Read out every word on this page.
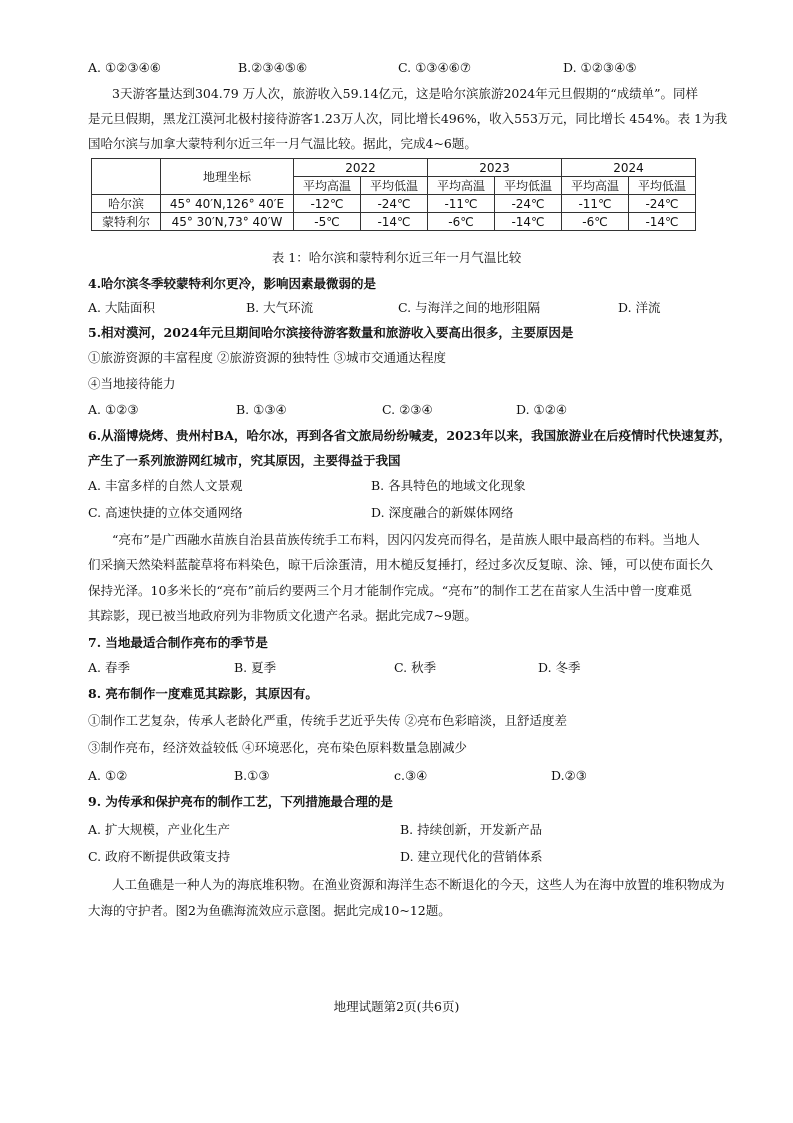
A. ①②③④⑥	B.②③④⑤⑥	C. ①③④⑥⑦	D. ①②③④⑤
3天游客量达到304.79 万人次，旅游收入59.14亿元，这是哈尔滨旅游2024年元旦假期的“成绩单”。同样
是元旦假期，黑龙江漠河北极村接待游客1.23万人次，同比增长496%，收入553万元，同比增长 454%。表 1为我
国哈尔滨与加拿大蒙特利尔近三年一月气温比较。据此，完成4~6题。
	地理坐标	2022		2023		2024	
		平均高温	平均低温	平均高温	平均低温	平均高温	平均低温
哈尔滨	45° 40′N,126° 40′E	-12℃	-24℃	-11℃	-24℃	-11℃	-24℃
蒙特利尔	45° 30′N,73° 40′W	-5℃	-14℃	-6℃	-14℃	-6℃	-14℃
表 1：哈尔滨和蒙特利尔近三年一月气温比较
4.哈尔滨冬季较蒙特利尔更冷，影响因素最微弱的是
A. 大陆面积	B. 大气环流	C. 与海洋之间的地形阻隔	D. 洋流
5.相对漠河，2024年元旦期间哈尔滨接待游客数量和旅游收入要高出很多，主要原因是
①旅游资源的丰富程度 ②旅游资源的独特性 ③城市交通通达程度
④当地接待能力
A. ①②③	B. ①③④	C. ②③④	D. ①②④
6.从淄博烧烤、贵州村BA，哈尔冰，再到各省文旅局纷纷喊麦，2023年以来，我国旅游业在后疫情时代快速复苏，
产生了一系列旅游网红城市，究其原因，主要得益于我国
A. 丰富多样的自然人文景观	B. 各具特色的地域文化现象
C. 高速快捷的立体交通网络	D. 深度融合的新媒体网络
“亮布”是广西融水苗族自治县苗族传统手工布料，因闪闪发亮而得名，是苗族人眼中最高档的布料。当地人
们采摘天然染料蓝靛草将布料染色，晾干后涂蛋清，用木槌反复捶打，经过多次反复晾、涂、锤，可以使布面长久
保持光泽。10多米长的“亮布”前后约要两三个月才能制作完成。“亮布”的制作工艺在苗家人生活中曾一度难觅
其踪影，现已被当地政府列为非物质文化遗产名录。据此完成7~9题。
7. 当地最适合制作亮布的季节是
A. 春季	B. 夏季	C. 秋季	D. 冬季
8. 亮布制作一度难觅其踪影，其原因有。
①制作工艺复杂，传承人老龄化严重，传统手艺近乎失传 ②亮布色彩暗淡，且舒适度差
③制作亮布，经济效益较低 ④环境恶化，亮布染色原料数量急剧减少
A. ①②	B.①③	c.③④	D.②③
9. 为传承和保护亮布的制作工艺，下列措施最合理的是
A. 扩大规模，产业化生产	B. 持续创新，开发新产品
C. 政府不断提供政策支持	D. 建立现代化的营销体系
人工鱼礁是一种人为的海底堆积物。在渔业资源和海洋生态不断退化的今天，这些人为在海中放置的堆积物成为
大海的守护者。图2为鱼礁海流效应示意图。据此完成10~12题。
地理试题第2页(共6页)
